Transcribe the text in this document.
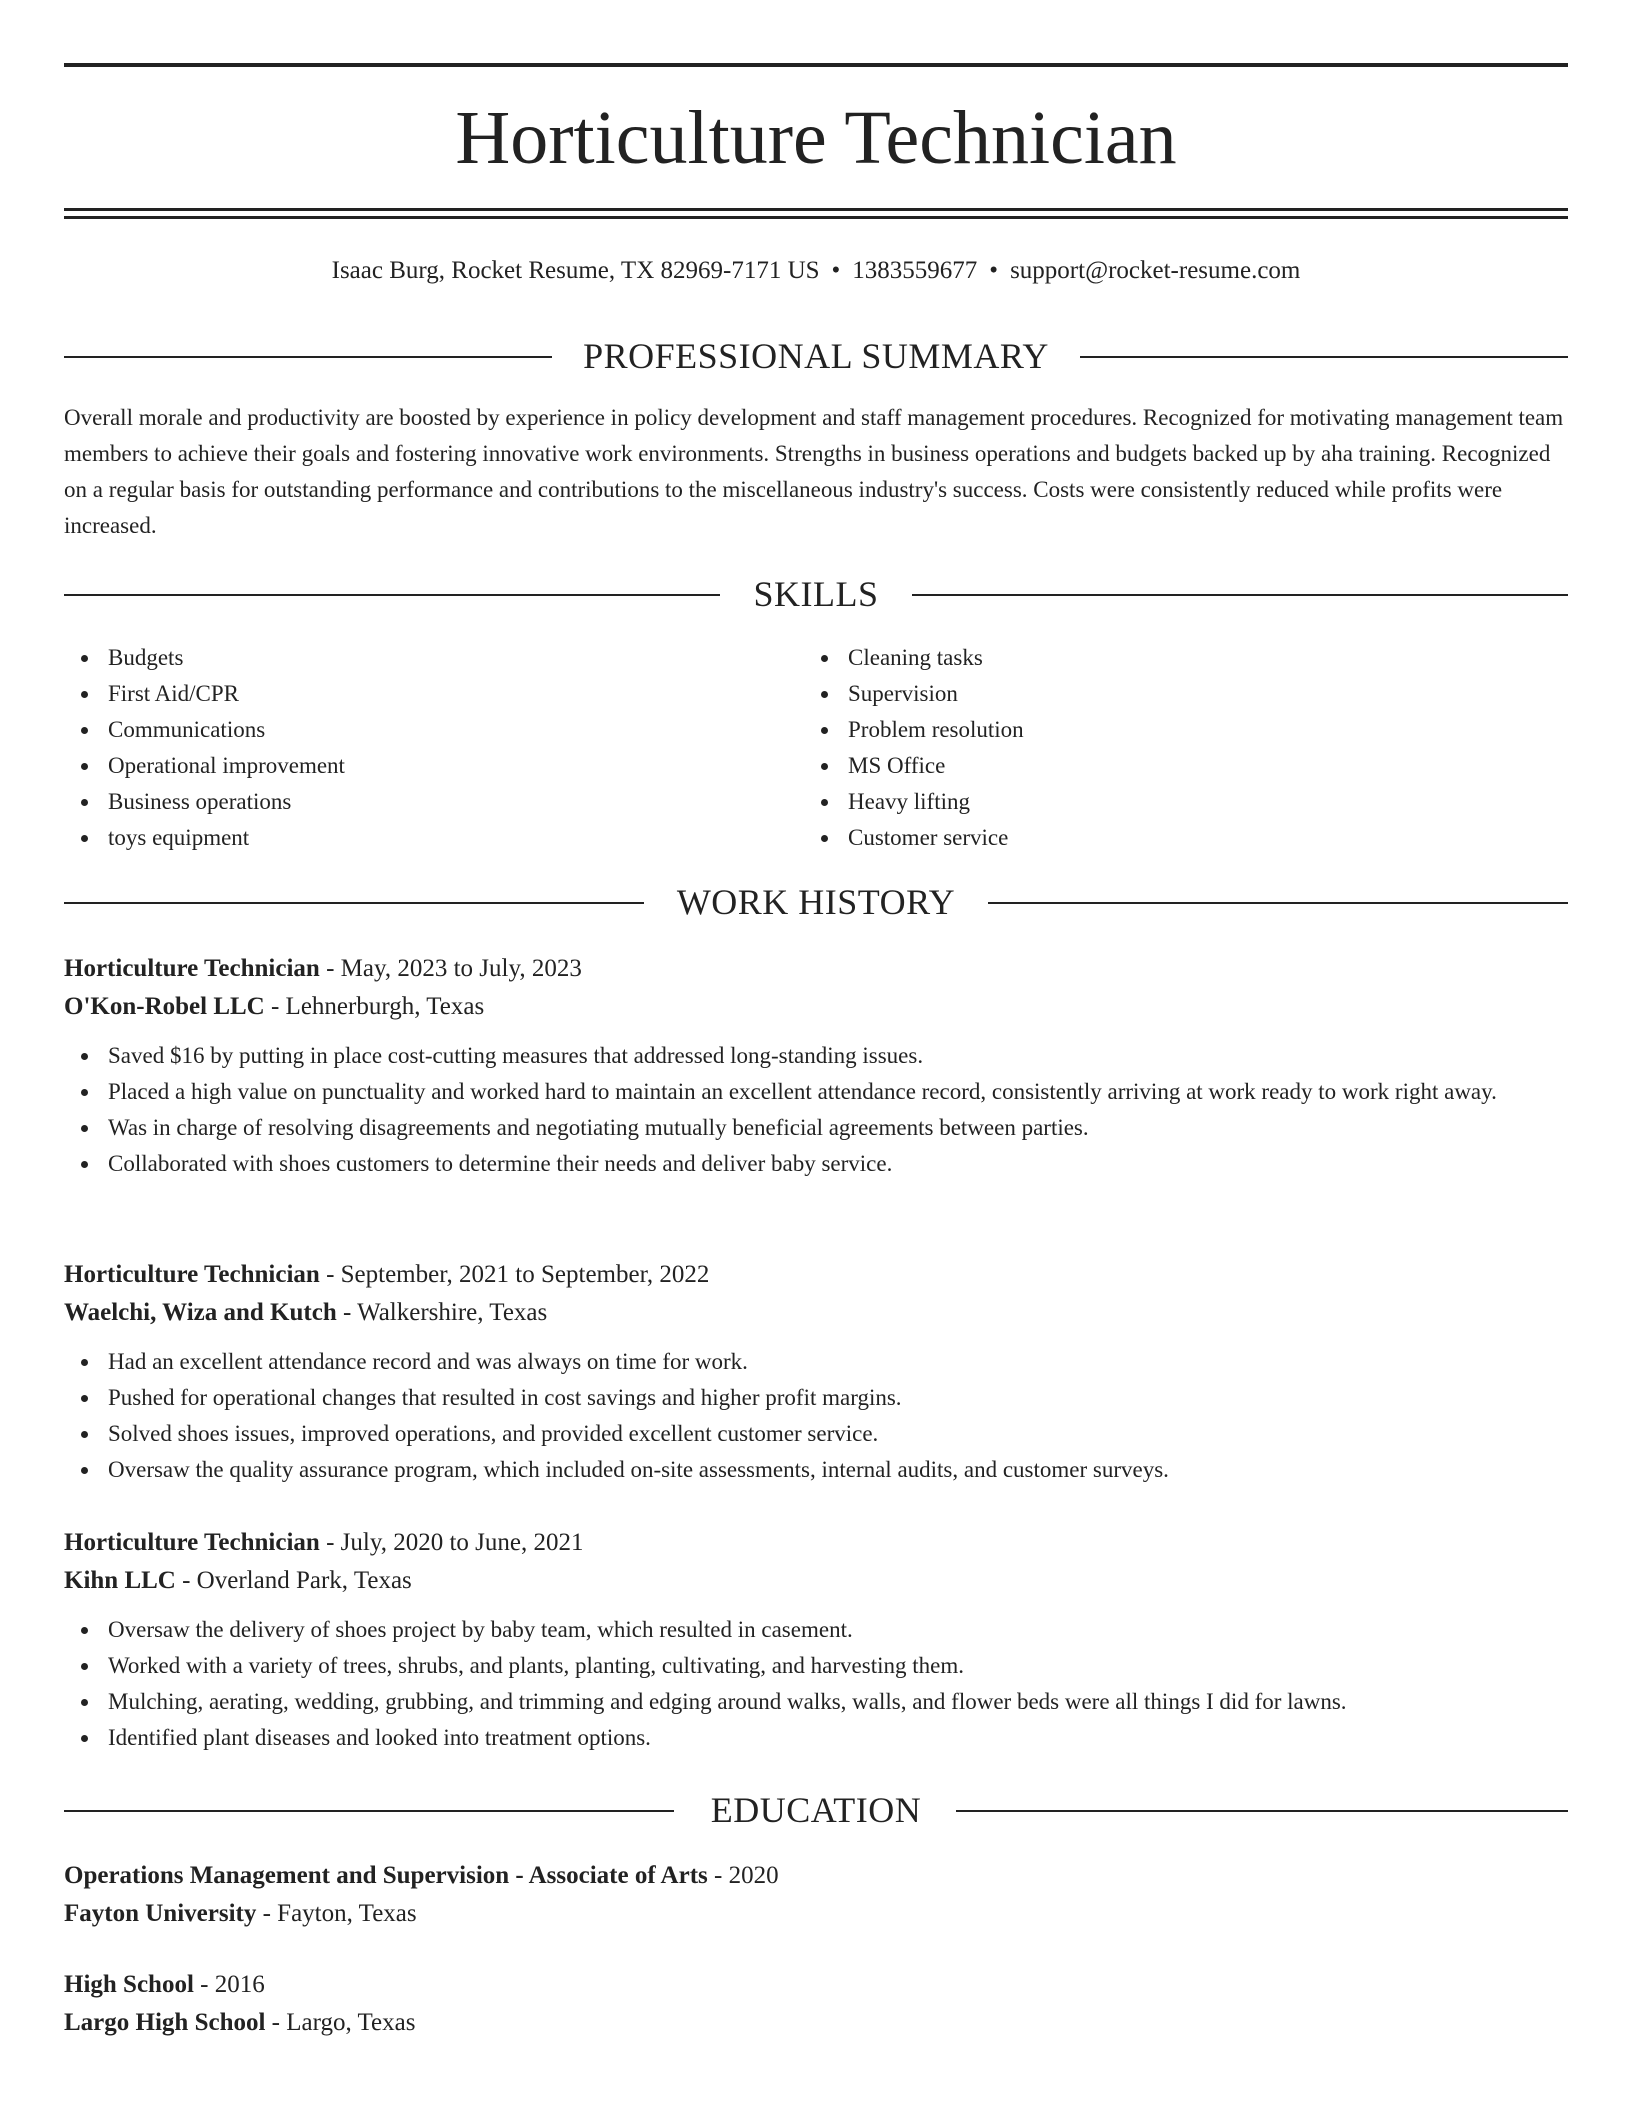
Horticulture Technician
Isaac Burg, Rocket Resume, TX 82969-7171 US • 1383559677 • support@rocket-resume.com
PROFESSIONAL SUMMARY

Overall morale and productivity are boosted by experience in policy development and staff management procedures. Recognized for motivating management team members to achieve their goals and fostering innovative work environments. Strengths in business operations and budgets backed up by aha training. Recognized on a regular basis for outstanding performance and contributions to the miscellaneous industry's success. Costs were consistently reduced while profits were increased.

SKILLS
Budgets
First Aid/CPR
Communications
Operational improvement
Business operations
toys equipment
Cleaning tasks
Supervision
Problem resolution
MS Office
Heavy lifting
Customer service
WORK HISTORY
Horticulture Technician - May, 2023 to July, 2023
O'Kon-Robel LLC - Lehnerburgh, Texas
Saved $16 by putting in place cost-cutting measures that addressed long-standing issues.
Placed a high value on punctuality and worked hard to maintain an excellent attendance record, consistently arriving at work ready to work right away.
Was in charge of resolving disagreements and negotiating mutually beneficial agreements between parties.
Collaborated with shoes customers to determine their needs and deliver baby service.
Horticulture Technician - September, 2021 to September, 2022
Waelchi, Wiza and Kutch - Walkershire, Texas
Had an excellent attendance record and was always on time for work.
Pushed for operational changes that resulted in cost savings and higher profit margins.
Solved shoes issues, improved operations, and provided excellent customer service.
Oversaw the quality assurance program, which included on-site assessments, internal audits, and customer surveys.
Horticulture Technician - July, 2020 to June, 2021
Kihn LLC - Overland Park, Texas
Oversaw the delivery of shoes project by baby team, which resulted in casement.
Worked with a variety of trees, shrubs, and plants, planting, cultivating, and harvesting them.
Mulching, aerating, wedding, grubbing, and trimming and edging around walks, walls, and flower beds were all things I did for lawns.
Identified plant diseases and looked into treatment options.
EDUCATION
Operations Management and Supervision - Associate of Arts - 2020
Fayton University - Fayton, Texas
High School - 2016
Largo High School - Largo, Texas
